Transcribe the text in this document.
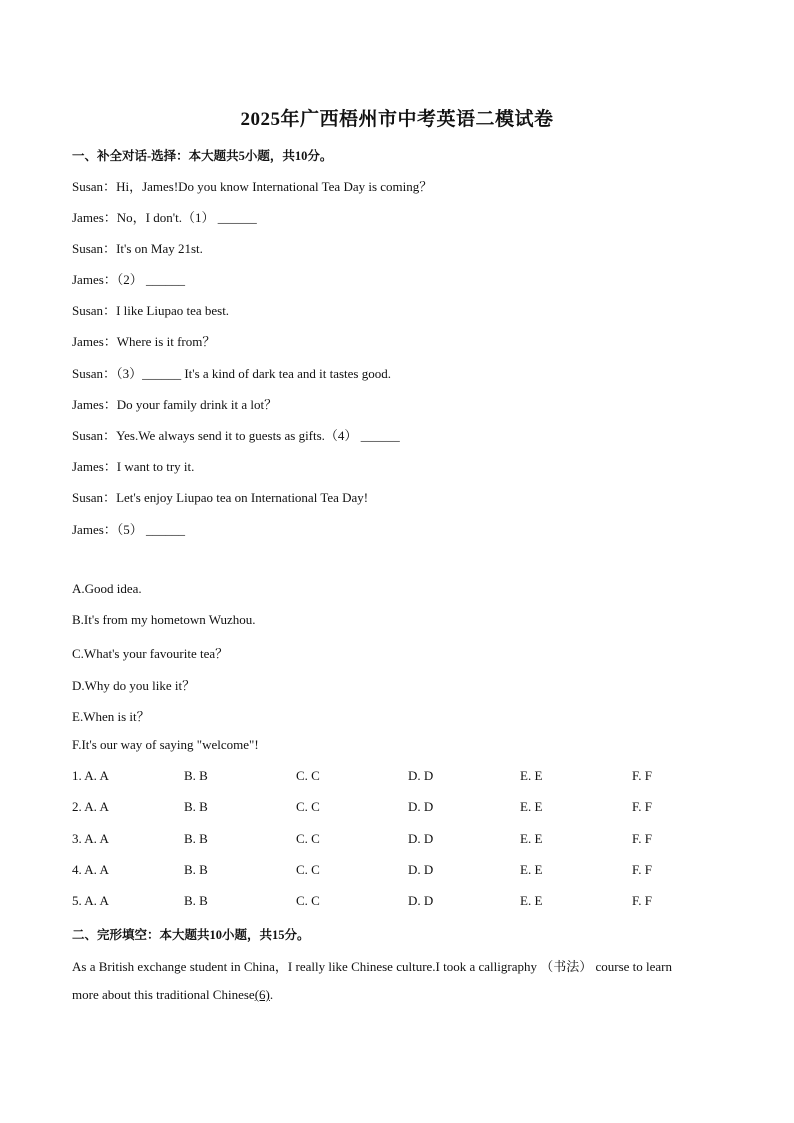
2025年广西梧州市中考英语二模试卷
一、补全对话-选择：本大题共5小题，共10分。
Susan：Hi，James!Do you know International Tea Day is coming？
James：No，I don't.（1） ______
Susan：It's on May 21st.
James：（2） ______
Susan：I like Liupao tea best.
James：Where is it from？
Susan：（3）______ It's a kind of dark tea and it tastes good.
James：Do your family drink it a lot？
Susan：Yes.We always send it to guests as gifts.（4） ______
James：I want to try it.
Susan：Let's enjoy Liupao tea on International Tea Day!
James：（5） ______
A.Good idea.
B.It's from my hometown Wuzhou.
C.What's your favourite tea？
D.Why do you like it？
E.When is it？
F.It's our way of saying "welcome"!
1. A. A	B. B	C. C	D. D	E. E	F. F
2. A. A	B. B	C. C	D. D	E. E	F. F
3. A. A	B. B	C. C	D. D	E. E	F. F
4. A. A	B. B	C. C	D. D	E. E	F. F
5. A. A	B. B	C. C	D. D	E. E	F. F
二、完形填空：本大题共10小题，共15分。
As a British exchange student in China，I really like Chinese culture.I took a calligraphy （书法） course to learn
more about this traditional Chinese(6).
